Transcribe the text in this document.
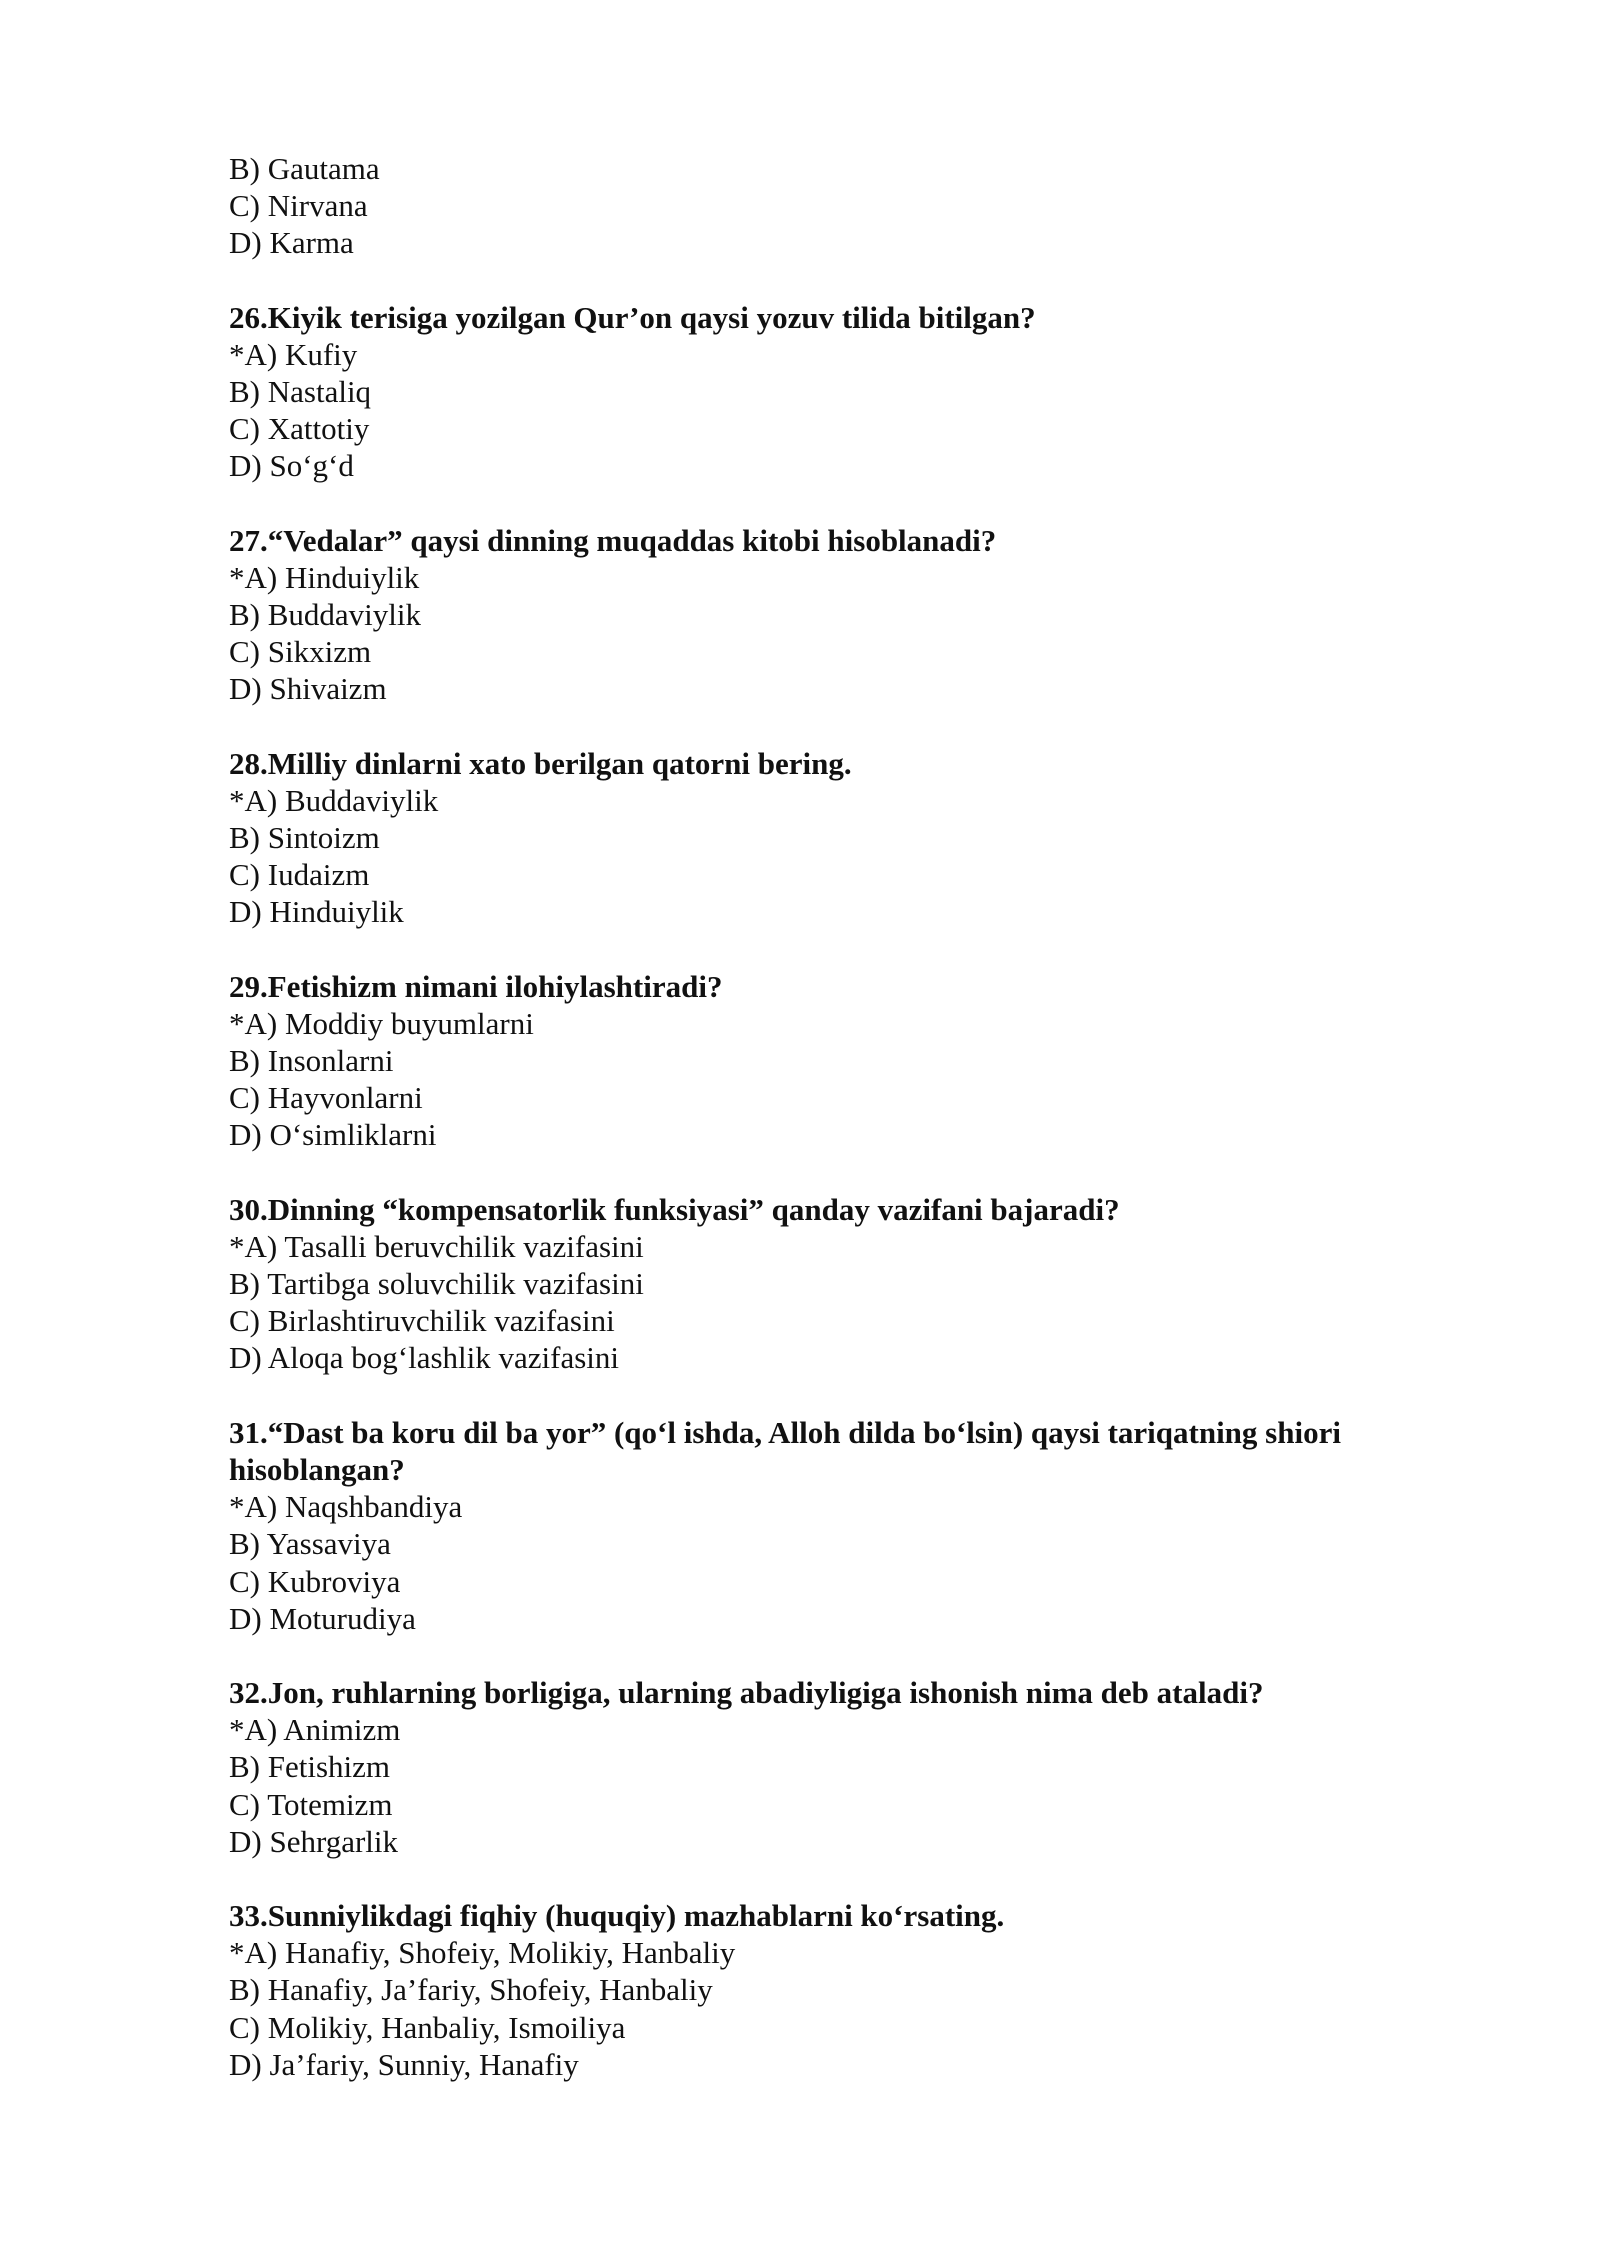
B) Gautama

C) Nirvana

D) Karma

26.Kiyik terisiga yozilgan Qur’on qaysi yozuv tilida bitilgan?

*A) Kufiy

B) Nastaliq

C) Xattotiy

D) So‘g‘d

27.“Vedalar” qaysi dinning muqaddas kitobi hisoblanadi?

*A) Hinduiylik

B) Buddaviylik

C) Sikxizm

D) Shivaizm

28.Milliy dinlarni xato berilgan qatorni bering.

*A) Buddaviylik

B) Sintoizm

C) Iudaizm

D) Hinduiylik

29.Fetishizm nimani ilohiylashtiradi?

*A) Moddiy buyumlarni

B) Insonlarni

C) Hayvonlarni

D) O‘simliklarni

30.Dinning “kompensatorlik funksiyasi” qanday vazifani bajaradi?

*A) Tasalli beruvchilik vazifasini

B) Tartibga soluvchilik vazifasini

C) Birlashtiruvchilik vazifasini

D) Aloqa bog‘lashlik vazifasini

31.“Dast ba koru dil ba yor” (qo‘l ishda, Alloh dilda bo‘lsin) qaysi tariqatning shiori hisoblangan?

*A) Naqshbandiya

B) Yassaviya

C) Kubroviya

D) Moturudiya

32.Jon, ruhlarning borligiga, ularning abadiyligiga ishonish nima deb ataladi?

*A) Animizm

B) Fetishizm

C) Totemizm

D) Sehrgarlik

33.Sunniylikdagi fiqhiy (huquqiy) mazhablarni ko‘rsating.

*A) Hanafiy, Shofeiy, Molikiy, Hanbaliy

B) Hanafiy, Ja’fariy, Shofeiy, Hanbaliy

C) Molikiy, Hanbaliy, Ismoiliya

D) Ja’fariy, Sunniy, Hanafiy
